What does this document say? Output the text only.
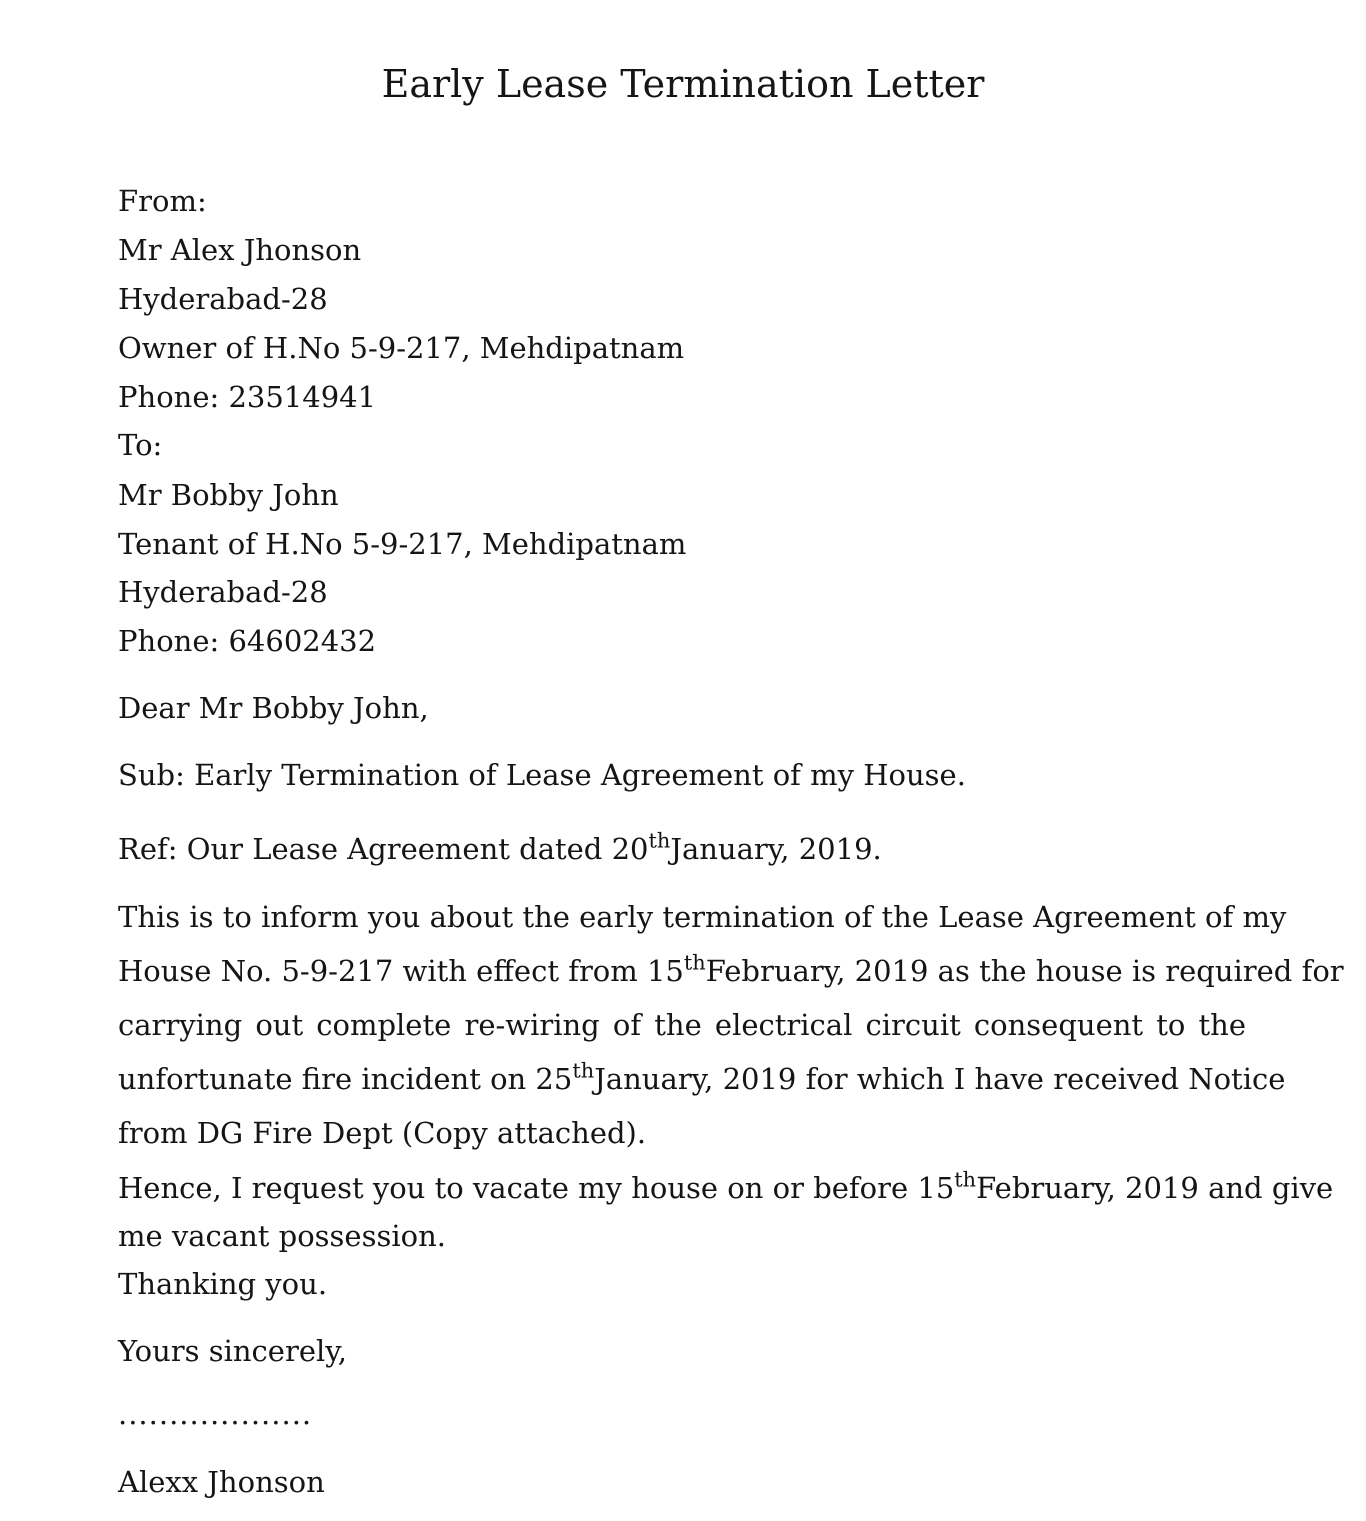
Early Lease Termination Letter
From:
Mr Alex Jhonson
Hyderabad-28
Owner of H.No 5-9-217, Mehdipatnam
Phone: 23514941
To:
Mr Bobby John
Tenant of H.No 5-9-217, Mehdipatnam
Hyderabad-28
Phone: 64602432
Dear Mr Bobby John,
Sub: Early Termination of Lease Agreement of my House.
Ref: Our Lease Agreement dated 20thJanuary, 2019.
This is to inform you about the early termination of the Lease Agreement of my
House No. 5-9-217 with effect from 15thFebruary, 2019 as the house is required for
carrying out complete re-wiring of the electrical circuit consequent to the
unfortunate fire incident on 25thJanuary, 2019 for which I have received Notice
from DG Fire Dept (Copy attached).
Hence, I request you to vacate my house on or before 15thFebruary, 2019 and give
me vacant possession.
Thanking you.
Yours sincerely,
...................
Alexx Jhonson
